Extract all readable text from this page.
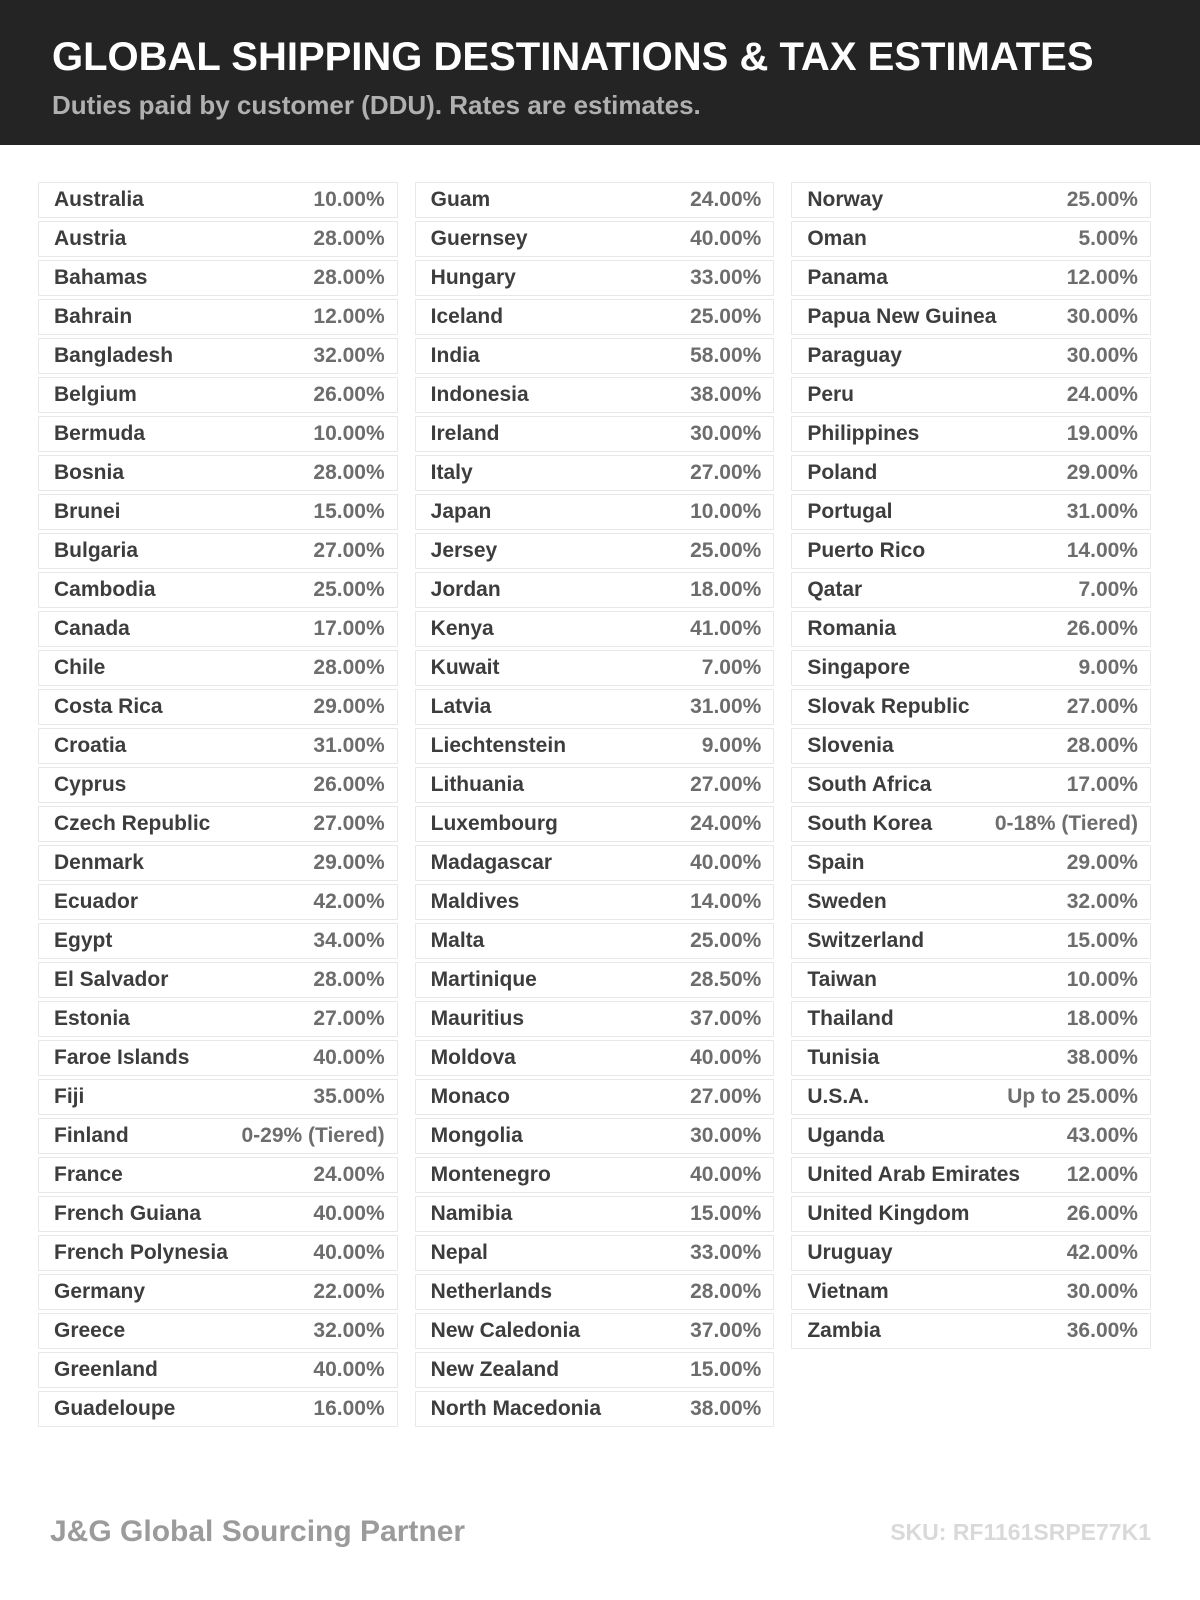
GLOBAL SHIPPING DESTINATIONS & TAX ESTIMATES
Duties paid by customer (DDU). Rates are estimates.
Australia	10.00%
Austria	28.00%
Bahamas	28.00%
Bahrain	12.00%
Bangladesh	32.00%
Belgium	26.00%
Bermuda	10.00%
Bosnia	28.00%
Brunei	15.00%
Bulgaria	27.00%
Cambodia	25.00%
Canada	17.00%
Chile	28.00%
Costa Rica	29.00%
Croatia	31.00%
Cyprus	26.00%
Czech Republic	27.00%
Denmark	29.00%
Ecuador	42.00%
Egypt	34.00%
El Salvador	28.00%
Estonia	27.00%
Faroe Islands	40.00%
Fiji	35.00%
Finland	0-29% (Tiered)
France	24.00%
French Guiana	40.00%
French Polynesia	40.00%
Germany	22.00%
Greece	32.00%
Greenland	40.00%
Guadeloupe	16.00%
Guam	24.00%
Guernsey	40.00%
Hungary	33.00%
Iceland	25.00%
India	58.00%
Indonesia	38.00%
Ireland	30.00%
Italy	27.00%
Japan	10.00%
Jersey	25.00%
Jordan	18.00%
Kenya	41.00%
Kuwait	7.00%
Latvia	31.00%
Liechtenstein	9.00%
Lithuania	27.00%
Luxembourg	24.00%
Madagascar	40.00%
Maldives	14.00%
Malta	25.00%
Martinique	28.50%
Mauritius	37.00%
Moldova	40.00%
Monaco	27.00%
Mongolia	30.00%
Montenegro	40.00%
Namibia	15.00%
Nepal	33.00%
Netherlands	28.00%
New Caledonia	37.00%
New Zealand	15.00%
North Macedonia	38.00%
Norway	25.00%
Oman	5.00%
Panama	12.00%
Papua New Guinea	30.00%
Paraguay	30.00%
Peru	24.00%
Philippines	19.00%
Poland	29.00%
Portugal	31.00%
Puerto Rico	14.00%
Qatar	7.00%
Romania	26.00%
Singapore	9.00%
Slovak Republic	27.00%
Slovenia	28.00%
South Africa	17.00%
South Korea	0-18% (Tiered)
Spain	29.00%
Sweden	32.00%
Switzerland	15.00%
Taiwan	10.00%
Thailand	18.00%
Tunisia	38.00%
U.S.A.	Up to 25.00%
Uganda	43.00%
United Arab Emirates 12.00%
United Kingdom	26.00%
Uruguay	42.00%
Vietnam	30.00%
Zambia	36.00%
J&G Global Sourcing Partner	SKU: RF1161SRPE77K1
